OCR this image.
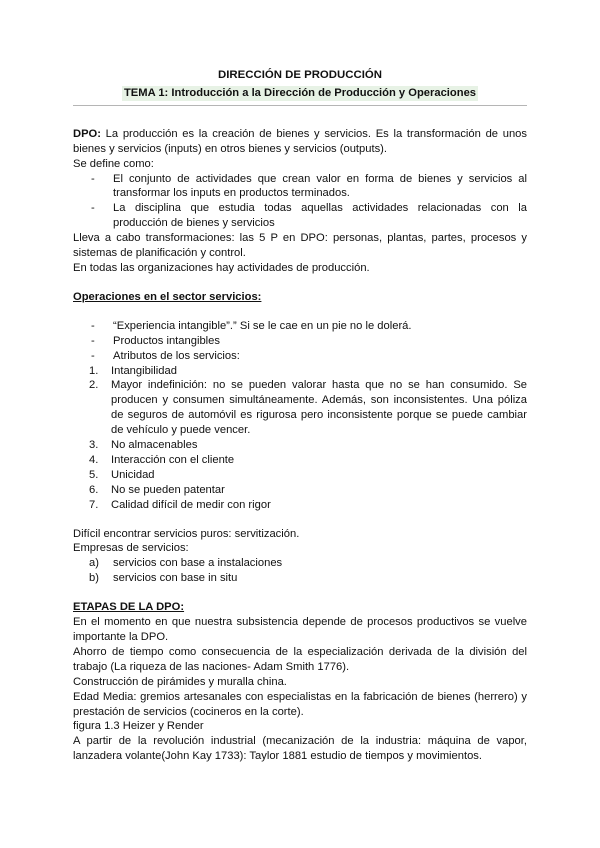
DIRECCIÓN DE PRODUCCIÓN
TEMA 1: Introducción a la Dirección de Producción y Operaciones

DPO: La producción es la creación de bienes y servicios. Es la transformación de unos bienes y servicios (inputs) en otros bienes y servicios (outputs).

Se define como:

-	El conjunto de actividades que crean valor en forma de bienes y servicios al transformar los inputs en productos terminados.
-	La disciplina que estudia todas aquellas actividades relacionadas con la producción de bienes y servicios

Lleva a cabo transformaciones: las 5 P en DPO: personas, plantas, partes, procesos y sistemas de planificación y control.

En todas las organizaciones hay actividades de producción.

Operaciones en el sector servicios:

-	“Experiencia intangible”.” Si se le cae en un pie no le dolerá.
-	Productos intangibles
-	Atributos de los servicios:
1.	Intangibilidad
2.	Mayor indefinición: no se pueden valorar hasta que no se han consumido. Se producen y consumen simultáneamente. Además, son inconsistentes. Una póliza de seguros de automóvil es rigurosa pero inconsistente porque se puede cambiar de vehículo y puede vencer.
3.	No almacenables
4.	Interacción con el cliente
5.	Unicidad
6.	No se pueden patentar
7.	Calidad difícil de medir con rigor

Difícil encontrar servicios puros: servitización.

Empresas de servicios:

a)	servicios con base a instalaciones
b)	servicios con base in situ

ETAPAS DE LA DPO:

En el momento en que nuestra subsistencia depende de procesos productivos se vuelve importante la DPO.

Ahorro de tiempo como consecuencia de la especialización derivada de la división del trabajo (La riqueza de las naciones- Adam Smith 1776).

Construcción de pirámides y muralla china.

Edad Media: gremios artesanales con especialistas en la fabricación de bienes (herrero) y prestación de servicios (cocineros en la corte).

figura 1.3 Heizer y Render

A partir de la revolución industrial (mecanización de la industria: máquina de vapor, lanzadera volante(John Kay 1733): Taylor 1881 estudio de tiempos y movimientos.
